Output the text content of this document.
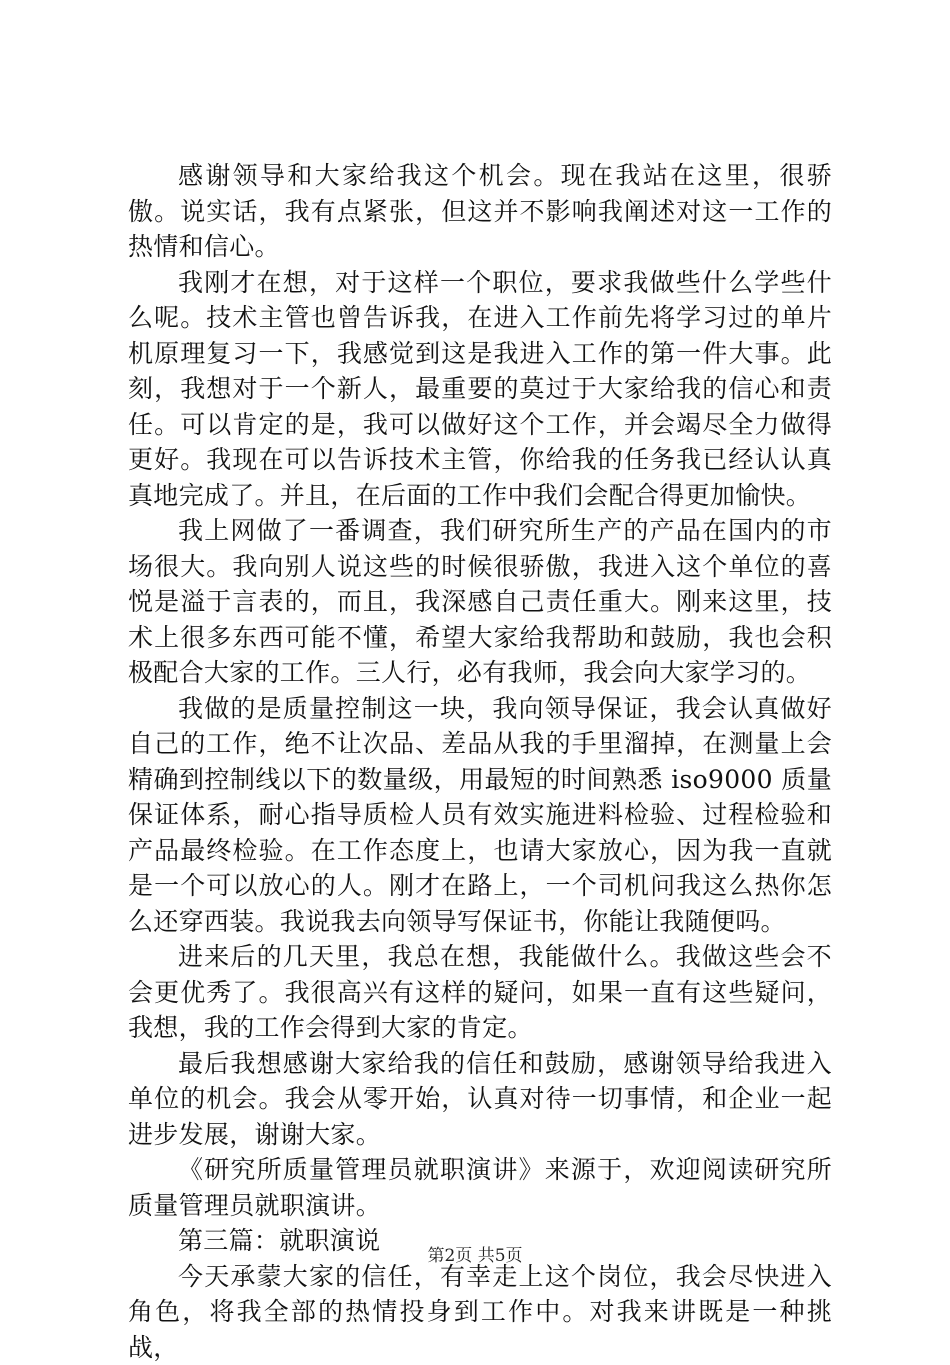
感谢领导和大家给我这个机会。现在我站在这里，很骄傲。说实话，我有点紧张，但这并不影响我阐述对这一工作的热情和信心。

我刚才在想，对于这样一个职位，要求我做些什么学些什么呢。技术主管也曾告诉我，在进入工作前先将学习过的单片机原理复习一下，我感觉到这是我进入工作的第一件大事。此刻，我想对于一个新人，最重要的莫过于大家给我的信心和责任。可以肯定的是，我可以做好这个工作，并会竭尽全力做得更好。我现在可以告诉技术主管，你给我的任务我已经认认真真地完成了。并且，在后面的工作中我们会配合得更加愉快。

我上网做了一番调查，我们研究所生产的产品在国内的市场很大。我向别人说这些的时候很骄傲，我进入这个单位的喜悦是溢于言表的，而且，我深感自己责任重大。刚来这里，技术上很多东西可能不懂，希望大家给我帮助和鼓励，我也会积极配合大家的工作。三人行，必有我师，我会向大家学习的。

我做的是质量控制这一块，我向领导保证，我会认真做好自己的工作，绝不让次品、差品从我的手里溜掉，在测量上会精确到控制线以下的数量级，用最短的时间熟悉 iso9000 质量保证体系，耐心指导质检人员有效实施进料检验、过程检验和产品最终检验。在工作态度上，也请大家放心，因为我一直就是一个可以放心的人。刚才在路上，一个司机问我这么热你怎么还穿西装。我说我去向领导写保证书，你能让我随便吗。

进来后的几天里，我总在想，我能做什么。我做这些会不会更优秀了。我很高兴有这样的疑问，如果一直有这些疑问，我想，我的工作会得到大家的肯定。

最后我想感谢大家给我的信任和鼓励，感谢领导给我进入单位的机会。我会从零开始，认真对待一切事情，和企业一起进步发展，谢谢大家。

《研究所质量管理员就职演讲》来源于，欢迎阅读研究所质量管理员就职演讲。

第三篇：就职演说

今天承蒙大家的信任，有幸走上这个岗位，我会尽快进入角色，将我全部的热情投身到工作中。对我来讲既是一种挑战，

第2页 共5页
